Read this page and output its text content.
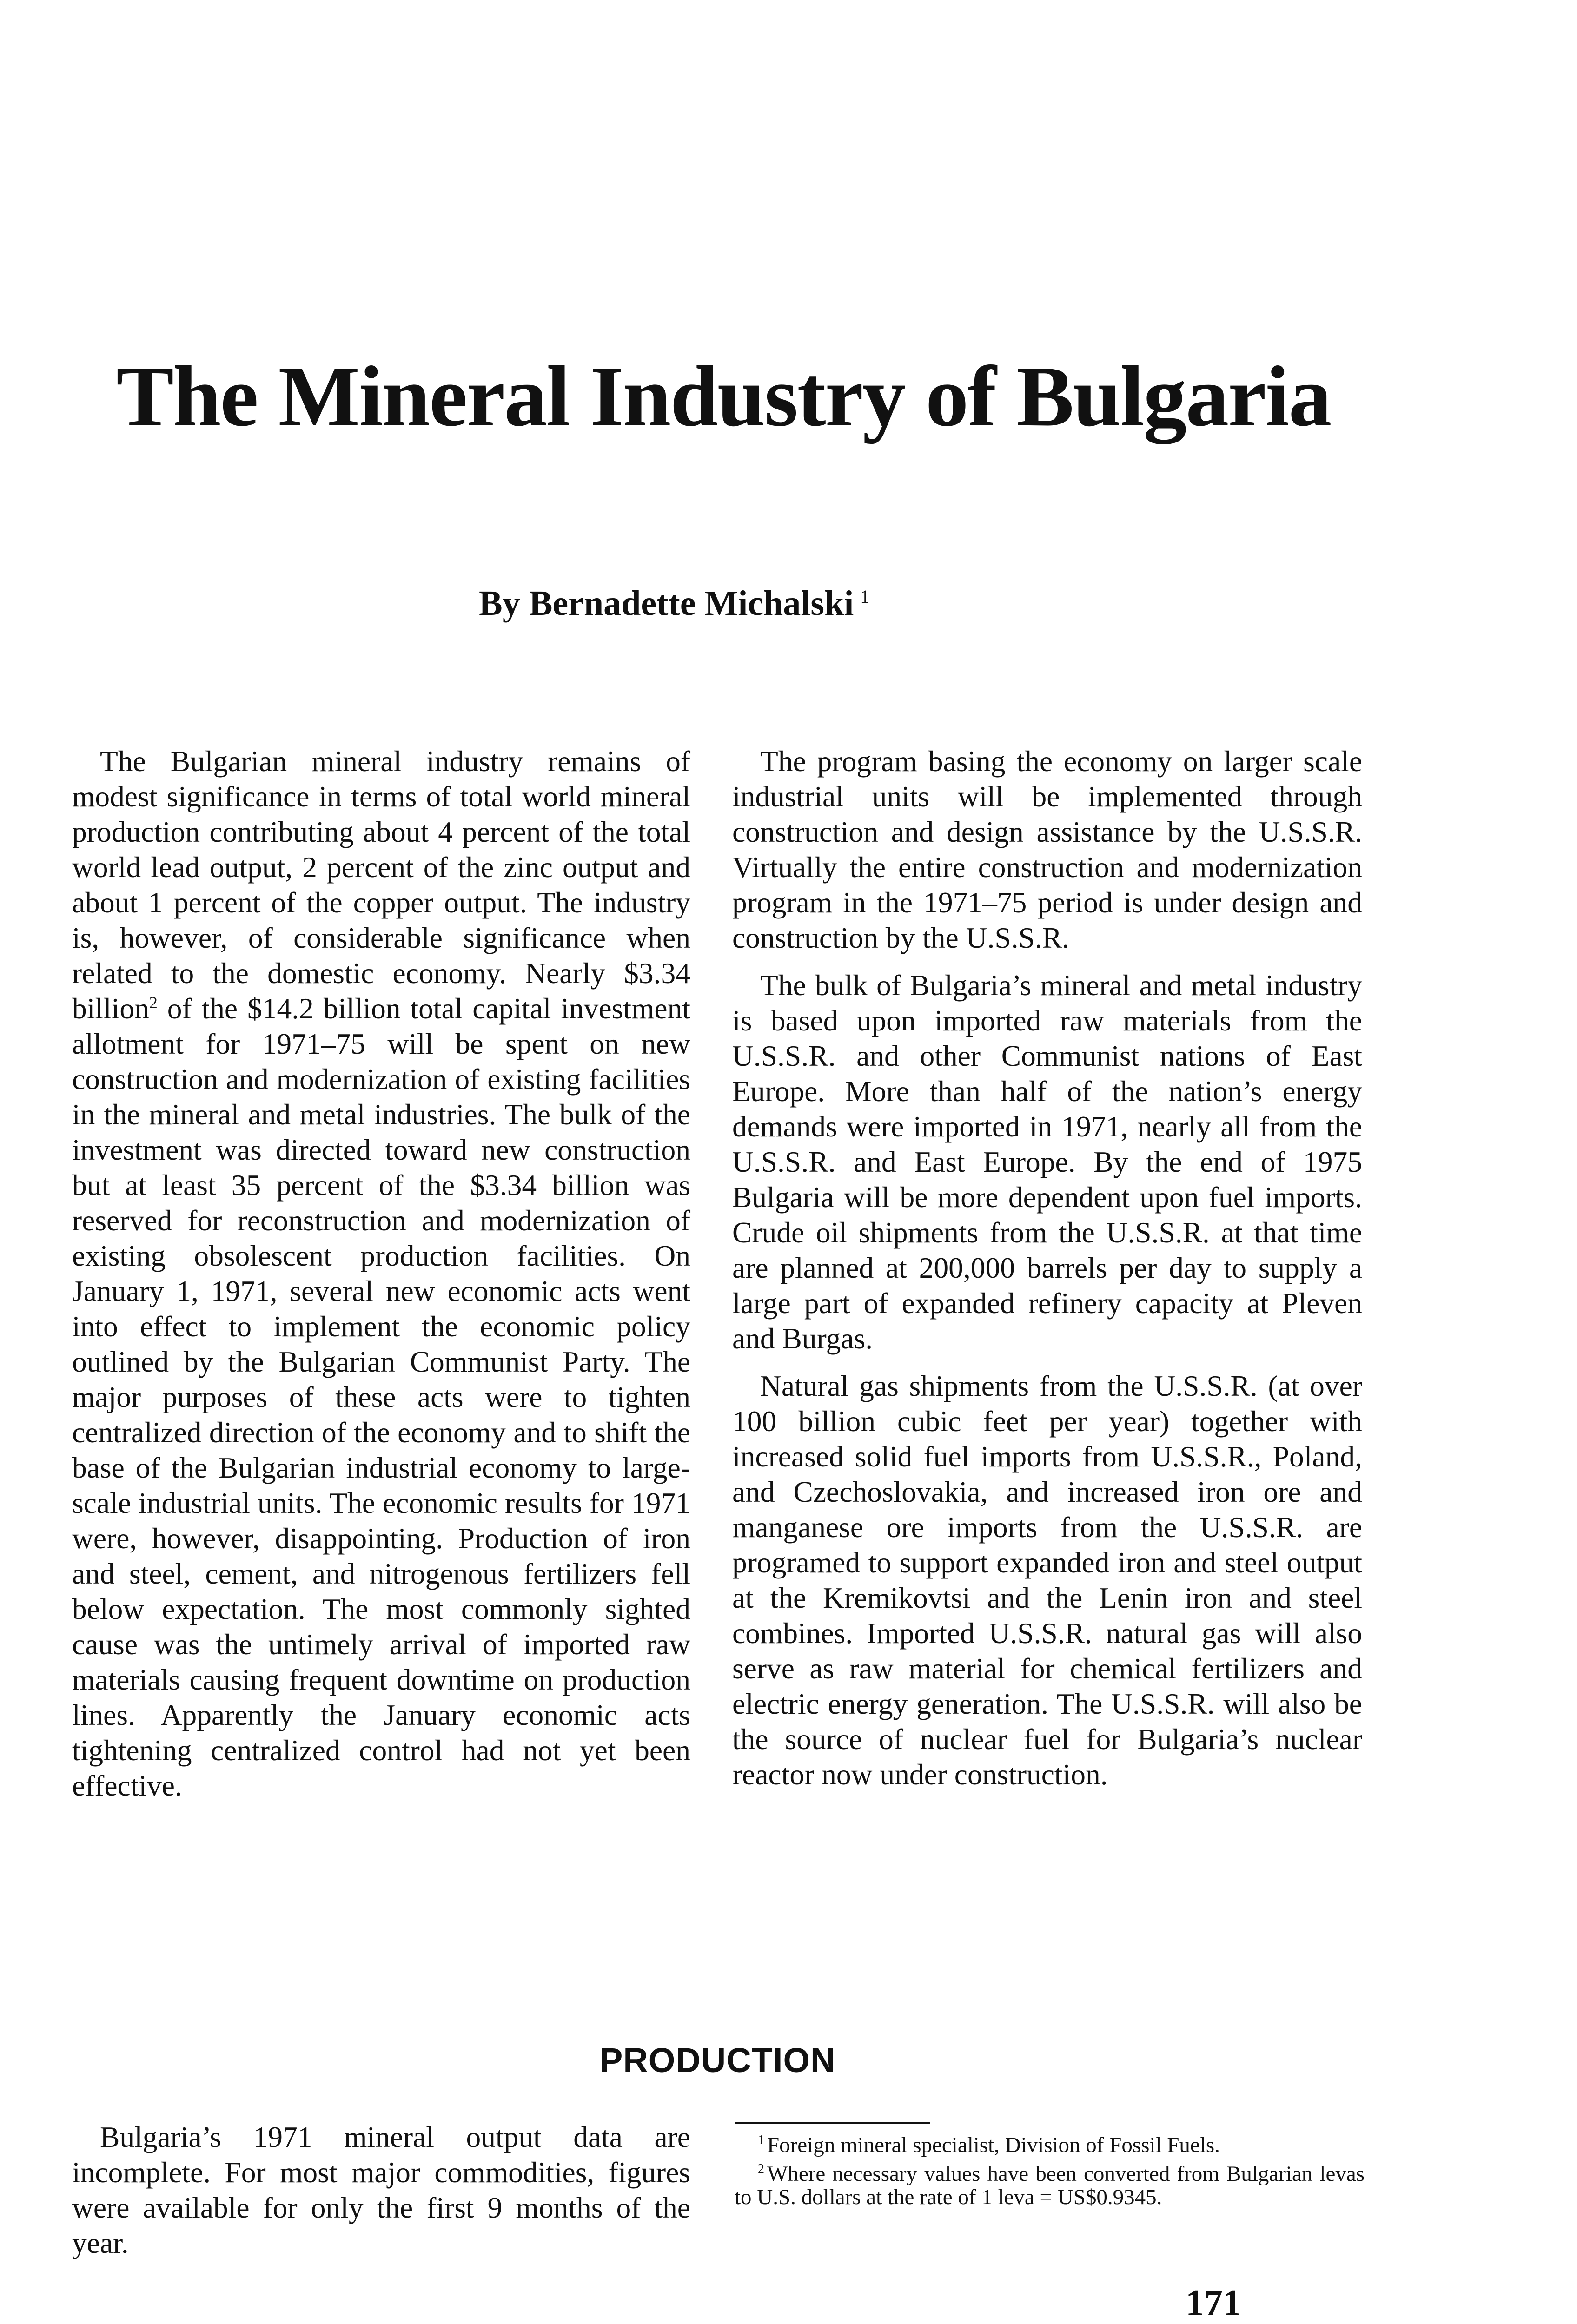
The Mineral Industry of Bulgaria
By Bernadette Michalski $^1$

The Bulgarian mineral industry remains of modest significance in terms of total world mineral production contributing about 4 percent of the total world lead output, 2 percent of the zinc output and about 1 percent of the copper output. The industry is, however, of considerable significance when related to the domestic economy. Nearly $3.34 billion$^2$ of the $14.2 billion total capital investment allotment for 1971–75 will be spent on new construction and modernization of existing facilities in the mineral and metal industries. The bulk of the investment was directed toward new construction but at least 35 percent of the $3.34 billion was reserved for reconstruction and modernization of existing obsolescent production facilities. On January 1, 1971, several new economic acts went into effect to implement the economic policy outlined by the Bulgarian Communist Party. The major purposes of these acts were to tighten centralized direction of the economy and to shift the base of the Bulgarian industrial economy to large-scale industrial units. The economic results for 1971 were, however, disappointing. Production of iron and steel, cement, and nitrogenous fertilizers fell below expectation. The most commonly sighted cause was the untimely arrival of imported raw materials causing frequent downtime on production lines. Apparently the January economic acts tightening centralized control had not yet been effective.

The program basing the economy on larger scale industrial units will be implemented through construction and design assistance by the U.S.S.R. Virtually the entire construction and modernization program in the 1971–75 period is under design and construction by the U.S.S.R.

The bulk of Bulgaria’s mineral and metal industry is based upon imported raw materials from the U.S.S.R. and other Communist nations of East Europe. More than half of the nation’s energy demands were imported in 1971, nearly all from the U.S.S.R. and East Europe. By the end of 1975 Bulgaria will be more dependent upon fuel imports. Crude oil shipments from the U.S.S.R. at that time are planned at 200,000 barrels per day to supply a large part of expanded refinery capacity at Pleven and Burgas.

Natural gas shipments from the U.S.S.R. (at over 100 billion cubic feet per year) together with increased solid fuel imports from U.S.S.R., Poland, and Czechoslovakia, and increased iron ore and manganese ore imports from the U.S.S.R. are programed to support expanded iron and steel output at the Kremikovtsi and the Lenin iron and steel combines. Imported U.S.S.R. natural gas will also serve as raw material for chemical fertilizers and electric energy generation. The U.S.S.R. will also be the source of nuclear fuel for Bulgaria’s nuclear reactor now under construction.

PRODUCTION

Bulgaria’s 1971 mineral output data are incomplete. For most major commodities, figures were available for only the first 9 months of the year.

$^1$ Foreign mineral specialist, Division of Fossil Fuels.

$^2$ Where necessary values have been converted from Bulgarian levas to U.S. dollars at the rate of 1 leva = US$0.9345.

171
